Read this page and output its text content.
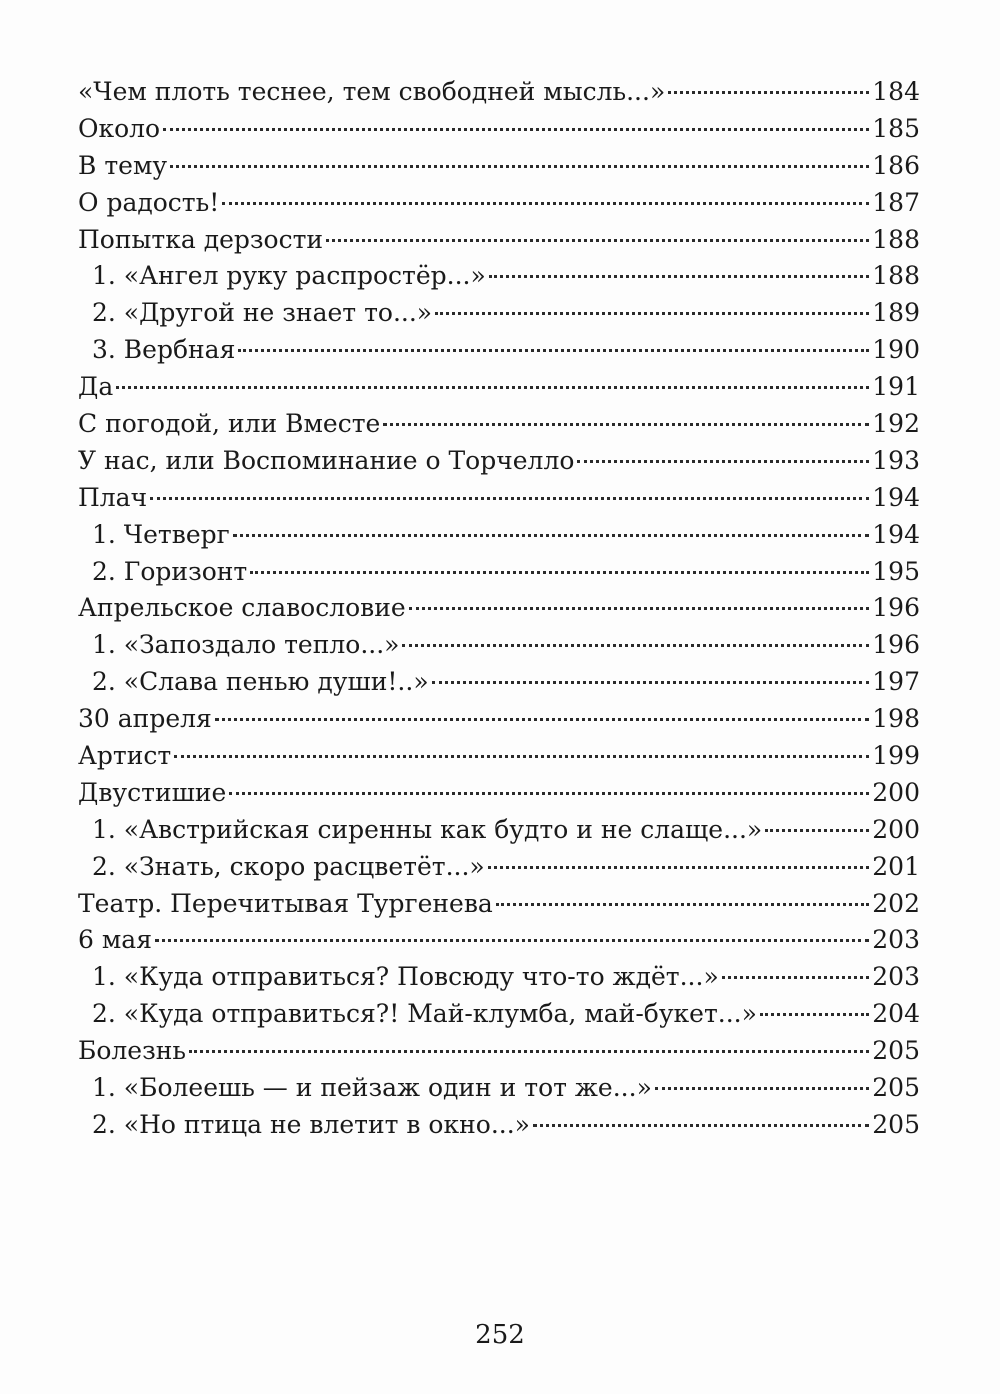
«Чем плоть теснее, тем свободней мысль...»	184
Около	185
В тему	186
О радость!	187
Попытка дерзости	188
1. «Ангел руку распростёр...»	188
2. «Другой не знает то...»	189
3. Вербная	190
Да	191
С погодой, или Вместе	192
У нас, или Воспоминание о Торчелло	193
Плач	194
1. Четверг	194
2. Горизонт	195
Апрельское славословие	196
1. «Запоздало тепло...»	196
2. «Слава пенью души!..»	197
30 апреля	198
Артист	199
Двустишие	200
1. «Австрийская сиренны как будто и не слаще...»	200
2. «Знать, скоро расцветёт...»	201
Театр. Перечитывая Тургенева	202
6 мая	203
1. «Куда отправиться? Повсюду что-то ждёт...»	203
2. «Куда отправиться?! Май-клумба, май-букет...»	204
Болезнь	205
1. «Болеешь — и пейзаж один и тот же...»	205
2. «Но птица не влетит в окно...»	205
252
